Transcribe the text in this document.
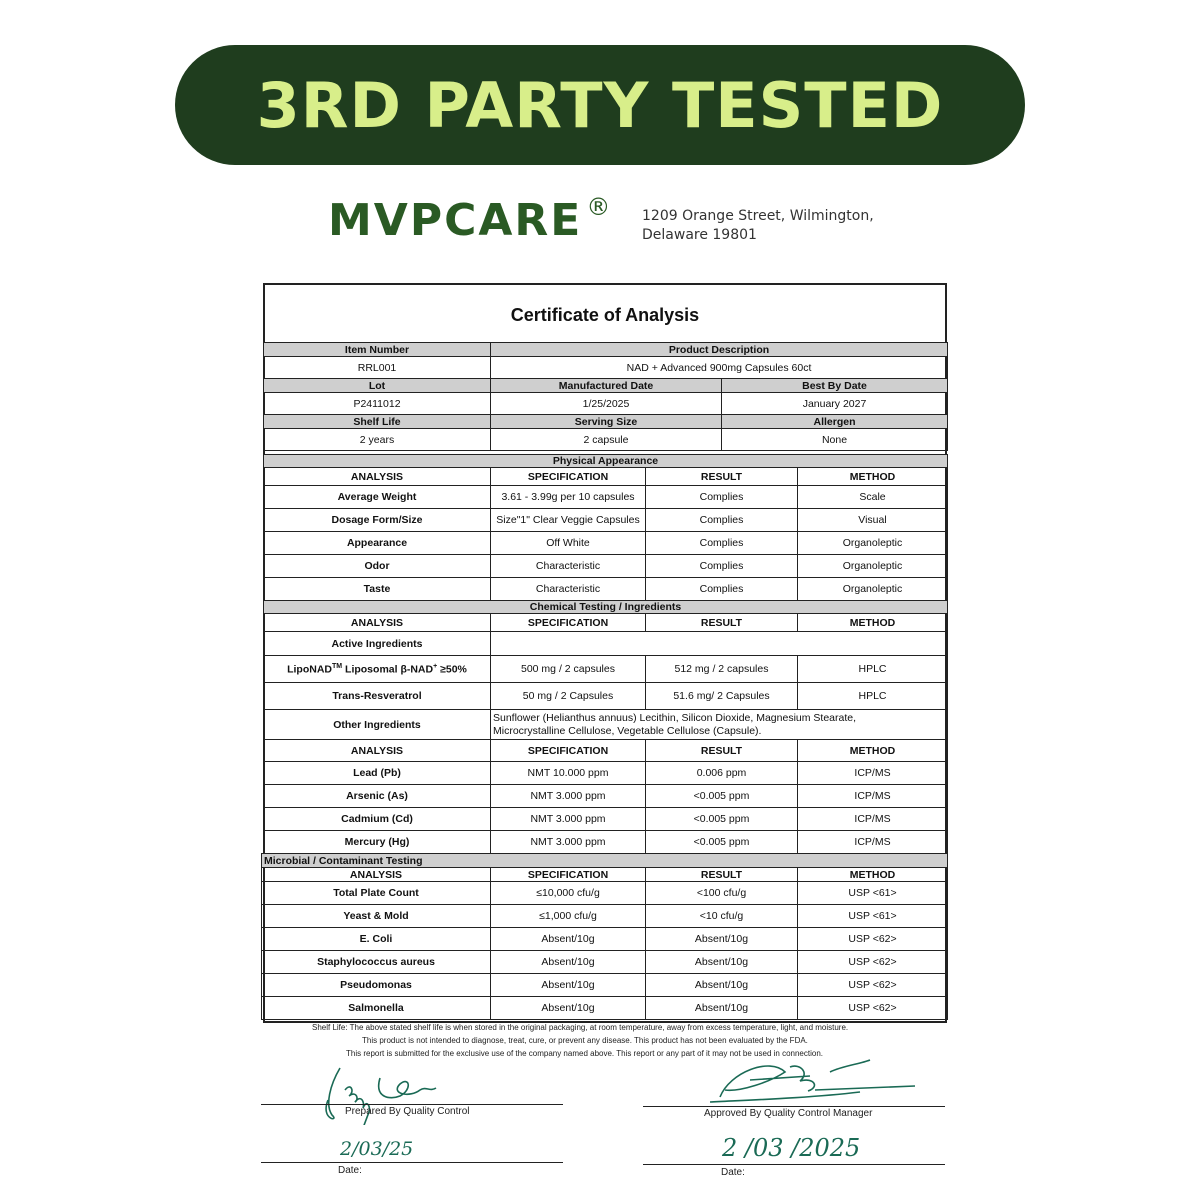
3RD PARTY TESTED
MVPCARE ® 1209 Orange Street, Wilmington,
Delaware 19801
Certificate of Analysis
Item Number	Product Description	
RRL001	NAD + Advanced 900mg Capsules 60ct	
Lot	Manufactured Date	Best By Date
P2411012	1/25/2025	January 2027
Shelf Life	Serving Size	Allergen
2 years	2 capsule	None
Physical Appearance			
ANALYSIS	SPECIFICATION	RESULT	METHOD
Average Weight	3.61 - 3.99g per 10 capsules	Complies	Scale
Dosage Form/Size	Size"1" Clear Veggie Capsules	Complies	Visual
Appearance	Off White	Complies	Organoleptic
Odor	Characteristic	Complies	Organoleptic
Taste	Characteristic	Complies	Organoleptic
Chemical Testing / Ingredients			
ANALYSIS	SPECIFICATION	RESULT	METHOD
Active Ingredients			
LipoNAD™ Liposomal β-NAD+ ≥50%	500 mg / 2 capsules	512 mg / 2 capsules	HPLC
Trans-Resveratrol	50 mg / 2 Capsules	51.6 mg/ 2 Capsules	HPLC
Other Ingredients	Sunflower (Helianthus annuus) Lecithin, Silicon Dioxide, Magnesium Stearate,
Microcrystalline Cellulose, Vegetable Cellulose (Capsule).		

ANALYSIS	SPECIFICATION	RESULT	METHOD
Lead (Pb)	NMT 10.000 ppm	0.006 ppm	ICP/MS
Arsenic (As)	NMT 3.000 ppm	<0.005 ppm	ICP/MS
Cadmium (Cd)	NMT 3.000 ppm	<0.005 ppm	ICP/MS
Mercury (Hg)	NMT 3.000 ppm	<0.005 ppm	ICP/MS
Microbial / Contaminant Testing			
ANALYSIS	SPECIFICATION	RESULT	METHOD
Total Plate Count	≤10,000 cfu/g	<100 cfu/g	USP <61>
Yeast & Mold	≤1,000 cfu/g	<10 cfu/g	USP <61>
E. Coli	Absent/10g	Absent/10g	USP <62>
Staphylococcus aureus	Absent/10g	Absent/10g	USP <62>
Pseudomonas	Absent/10g	Absent/10g	USP <62>
Salmonella	Absent/10g	Absent/10g	USP <62>
Shelf Life: The above stated shelf life is when stored in the original packaging, at room temperature, away from excess temperature, light, and moisture.
This product is not intended to diagnose, treat, cure, or prevent any disease. This product has not been evaluated by the FDA.
This report is submitted for the exclusive use of the company named above. This report or any part of it may not be used in connection.
Prepared By Quality Control	Approved By Quality Control Manager
2/03/25	2 /03 /2025
Date:	Date:
